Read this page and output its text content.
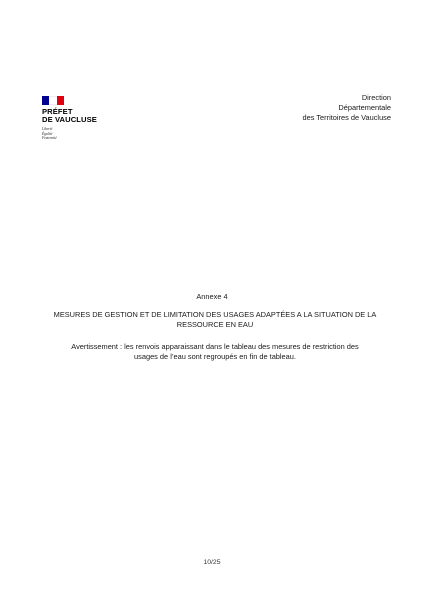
PRÉFET
DE VAUCLUSE
Liberté
Égalité
Fraternité
Direction
Départementale
des Territoires de Vaucluse
Annexe 4
MESURES DE GESTION ET DE LIMITATION DES USAGES ADAPTÉES A LA SITUATION DE LA
RESSOURCE EN EAU
Avertissement : les renvois apparaissant dans le tableau des mesures de restriction des
usages de l’eau sont regroupés en fin de tableau.
10/25
